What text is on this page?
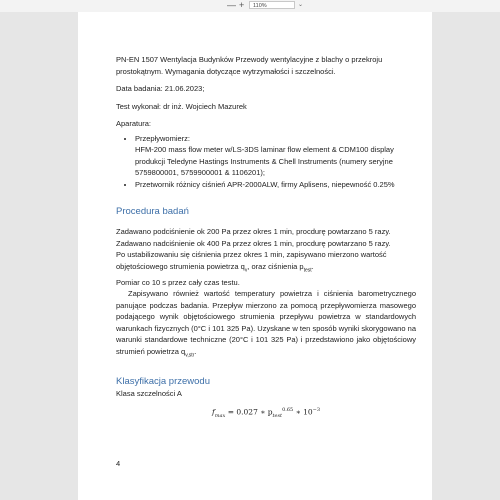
— +	110%	⌄

PN-EN 1507 Wentylacja Budynków Przewody wentylacyjne z blachy o przekroju prostokątnym. Wymagania dotyczące wytrzymałości i szczelności.

Data badania: 21.06.2023;

Test wykonał: dr inż. Wojciech Mazurek

Aparatura:

• Przepływomierz:
HFM-200 mass flow meter w/LS-3DS laminar flow element & CDM100 display produkcji Teledyne Hastings Instruments & Chell Instruments (numery seryjne 5759800001, 5759900001 & 1106201);
• Przetwornik różnicy ciśnień APR-2000ALW, firmy Aplisens, niepewność 0.25%

Procedura badań

Zadawano podciśnienie ok 200 Pa przez okres 1 min, procdurę powtarzano 5 razy.

Zadawano nadciśnienie ok 400 Pa przez okres 1 min, procdurę powtarzano 5 razy.

Po ustabilizowaniu się ciśnienia przez okres 1 min, zapisywano mierzono wartość objętościowego strumienia powietrza $q_v$, oraz ciśnienia $p_{test}$.

Pomiar co 10 s przez cały czas testu.

Zapisywano również wartość temperatury powietrza i ciśnienia barometrycznego panujące podczas badania. Przepływ mierzono za pomocą przepływomierza masowego podającego wynik objętościowego strumienia przepływu powietrza w standardowych warunkach fizycznych (0°C i 101 325 Pa). Uzyskane w ten sposób wyniki skorygowano na warunki standardowe techniczne (20°C i 101 325 Pa) i przedstawiono jako objętościowy strumień powietrza $q_{v,str}$.

Klasyfikacja przewodu

Klasa szczelności A

$f_{max} = 0.027$ ∗ $p_{test}^{0.65}$ ∗ $10^{-3}$

4
